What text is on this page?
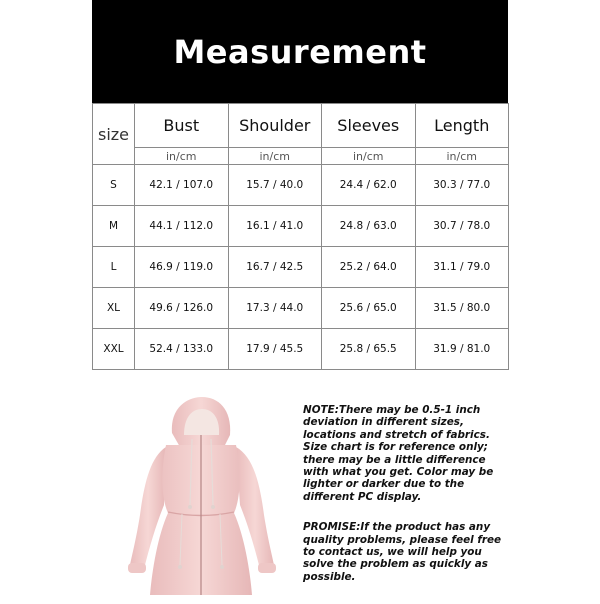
Measurement
size	Bust	Shoulder	Sleeves	Length
	in/cm	in/cm	in/cm	in/cm
S	42.1 / 107.0	15.7 / 40.0	24.4 / 62.0	30.3 / 77.0
M	44.1 / 112.0	16.1 / 41.0	24.8 / 63.0	30.7 / 78.0
L	46.9 / 119.0	16.7 / 42.5	25.2 / 64.0	31.1 / 79.0
XL	49.6 / 126.0	17.3 / 44.0	25.6 / 65.0	31.5 / 80.0
XXL	52.4 / 133.0	17.9 / 45.5	25.8 / 65.5	31.9 / 81.0

NOTE:There may be 0.5-1 inch deviation in different sizes, locations and stretch of fabrics. Size chart is for reference only; there may be a little difference with what you get. Color may be lighter or darker due to the different PC display.

PROMISE:If the product has any quality problems, please feel free to contact us, we will help you solve the problem as quickly as possible.
